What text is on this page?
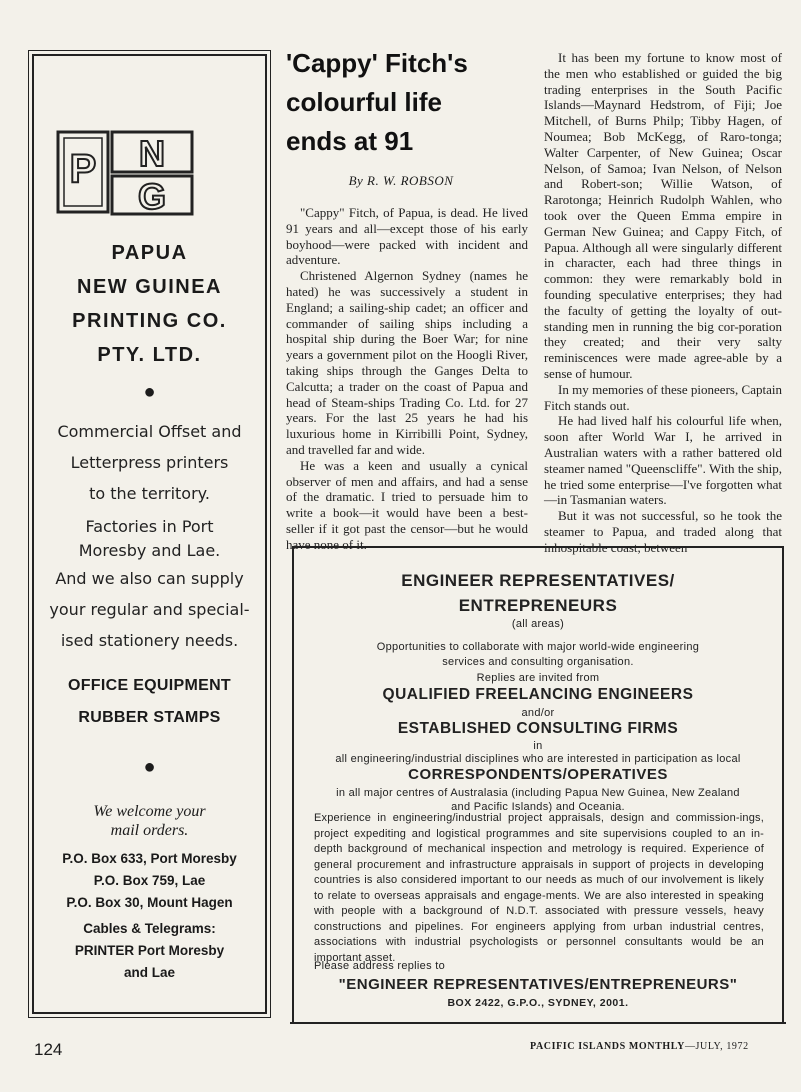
P N
G
PAPUA
NEW GUINEA
PRINTING CO.
PTY. LTD.
●
Commercial Offset and
Letterpress printers
to the territory.
Factories in Port
Moresby and Lae.
And we also can supply
your regular and special-
ised stationery needs.
OFFICE EQUIPMENT
RUBBER STAMPS
●
We welcome your
mail orders.
P.O. Box 633, Port Moresby
P.O. Box 759, Lae
P.O. Box 30, Mount Hagen
Cables & Telegrams:
PRINTER Port Moresby
and Lae
'Cappy' Fitch's
colourful life
ends at 91
By R. W. ROBSON

"Cappy" Fitch, of Papua, is dead. He lived 91 years and all—except those of his early boyhood—were packed with incident and adventure.

Christened Algernon Sydney (names he hated) he was successively a student in England; a sailing-ship cadet; an officer and commander of sailing ships including a hospital ship during the Boer War; for nine years a government pilot on the Hoogli River, taking ships through the Ganges Delta to Calcutta; a trader on the coast of Papua and head of Steam-ships Trading Co. Ltd. for 27 years. For the last 25 years he had his luxurious home in Kirribilli Point, Sydney, and travelled far and wide.

He was a keen and usually a cynical observer of men and affairs, and had a sense of the dramatic. I tried to persuade him to write a book—it would have been a best-seller if it got past the censor—but he would have none of it.

It has been my fortune to know most of the men who established or guided the big trading enterprises in the South Pacific Islands—Maynard Hedstrom, of Fiji; Joe Mitchell, of Burns Philp; Tibby Hagen, of Noumea; Bob McKegg, of Raro-tonga; Walter Carpenter, of New Guinea; Oscar Nelson, of Samoa; Ivan Nelson, of Nelson and Robert-son; Willie Watson, of Rarotonga; Heinrich Rudolph Wahlen, who took over the Queen Emma empire in German New Guinea; and Cappy Fitch, of Papua. Although all were singularly different in character, each had three things in common: they were remarkably bold in founding speculative enterprises; they had the faculty of getting the loyalty of out-standing men in running the big cor-poration they created; and their very salty reminiscences were made agree-able by a sense of humour.

In my memories of these pioneers, Captain Fitch stands out.

He had lived half his colourful life when, soon after World War I, he arrived in Australian waters with a rather battered old steamer named "Queenscliffe". With the ship, he tried some enterprise—I've forgotten what —in Tasmanian waters.

But it was not successful, so he took the steamer to Papua, and traded along that inhospitable coast, between

ENGINEER REPRESENTATIVES/
ENTREPRENEURS
(all areas)
Opportunities to collaborate with major world-wide engineering
services and consulting organisation.
Replies are invited from
QUALIFIED FREELANCING ENGINEERS
and/or
ESTABLISHED CONSULTING FIRMS
in
all engineering/industrial disciplines who are interested in participation as local
CORRESPONDENTS/OPERATIVES
in all major centres of Australasia (including Papua New Guinea, New Zealand
and Pacific Islands) and Oceania.
Experience in engineering/industrial project appraisals, design and commission-ings, project expediting and logistical programmes and site supervisions coupled to an in-depth background of mechanical inspection and metrology is required. Experience of general procurement and infrastructure appraisals in support of projects in developing countries is also considered important to our needs as much of our involvement is likely to relate to overseas appraisals and engage-ments. We are also interested in speaking with people with a background of N.D.T. associated with pressure vessels, heavy constructions and pipelines. For engineers applying from urban industrial centres, associations with industrial psychologists or personnel consultants would be an important asset.
Please address replies to
"ENGINEER REPRESENTATIVES/ENTREPRENEURS"
BOX 2422, G.P.O., SYDNEY, 2001.
124	PACIFIC ISLANDS MONTHLY—JULY, 1972
